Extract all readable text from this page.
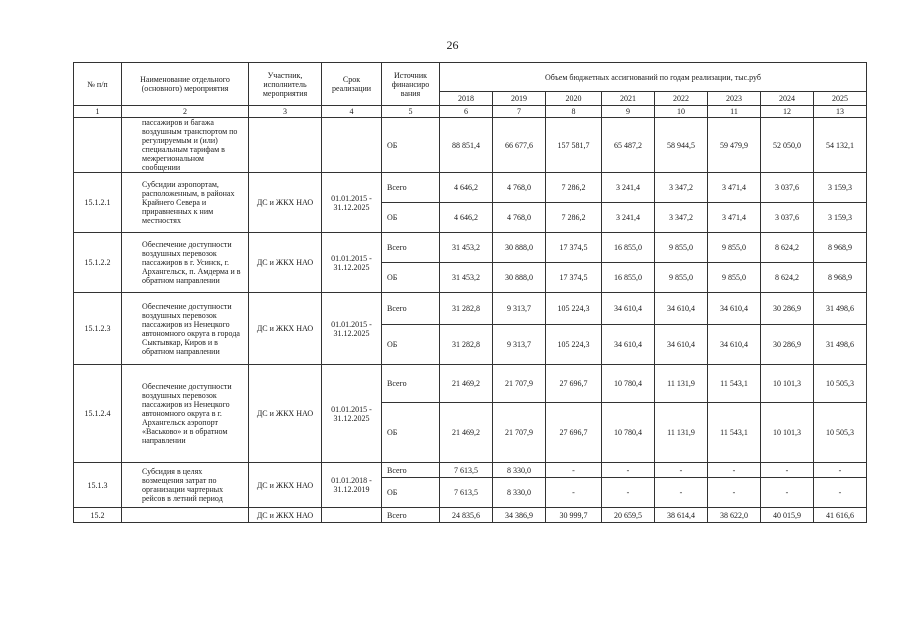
26
№ п/п	Наименование отдельного (основного) мероприятия	Участник, исполнитель мероприятия	Срок реализации	Источник финансиро вания	Объем бюджетных ассигнований по годам реализации, тыс.руб							
					2018	2019	2020	2021	2022	2023	2024	2025
1	2	3	4	5	6	7	8	9	10	11	12	13
	пассажиров и багажа воздушным транспортом по регулируемым и (или) специальным тарифам в межрегиональном сообщении			ОБ	88 851,4	66 677,6	157 581,7	65 487,2	58 944,5	59 479,9	52 050,0	54 132,1
15.1.2.1	Субсидии аэропортам, расположенным, в районах Крайнего Севера и приравненных к ним местностях	ДС и ЖКХ НАО	01.01.2015 - 31.12.2025	Всего	4 646,2	4 768,0	7 286,2	3 241,4	3 347,2	3 471,4	3 037,6	3 159,3
				ОБ	4 646,2	4 768,0	7 286,2	3 241,4	3 347,2	3 471,4	3 037,6	3 159,3
15.1.2.2	Обеспечение доступности воздушных перевозок пассажиров в г. Усинск, г. Архангельск, п. Амдерма и в обратном направлении	ДС и ЖКХ НАО	01.01.2015 - 31.12.2025	Всего	31 453,2	30 888,0	17 374,5	16 855,0	9 855,0	9 855,0	8 624,2	8 968,9
				ОБ	31 453,2	30 888,0	17 374,5	16 855,0	9 855,0	9 855,0	8 624,2	8 968,9
15.1.2.3	Обеспечение доступности воздушных перевозок пассажиров из Ненецкого автономного округа в города Сыктывкар, Киров и в обратном направлении	ДС и ЖКХ НАО	01.01.2015 - 31.12.2025	Всего	31 282,8	9 313,7	105 224,3	34 610,4	34 610,4	34 610,4	30 286,9	31 498,6
				ОБ	31 282,8	9 313,7	105 224,3	34 610,4	34 610,4	34 610,4	30 286,9	31 498,6
15.1.2.4	Обеспечение доступности воздушных перевозок пассажиров из Ненецкого автономного округа в г. Архангельск аэропорт «Васьково» и в обратном направлении	ДС и ЖКХ НАО	01.01.2015 - 31.12.2025	Всего	21 469,2	21 707,9	27 696,7	10 780,4	11 131,9	11 543,1	10 101,3	10 505,3
				ОБ	21 469,2	21 707,9	27 696,7	10 780,4	11 131,9	11 543,1	10 101,3	10 505,3
15.1.3	Субсидия в целях возмещения затрат по организации чартерных рейсов в летний период	ДС и ЖКХ НАО	01.01.2018 - 31.12.2019	Всего	7 613,5	8 330,0	-	-	-	-	-	-
				ОБ	7 613,5	8 330,0	-	-	-	-	-	-
15.2		ДС и ЖКХ НАО		Всего	24 835,6	34 386,9	30 999,7	20 659,5	38 614,4	38 622,0	40 015,9	41 616,6
